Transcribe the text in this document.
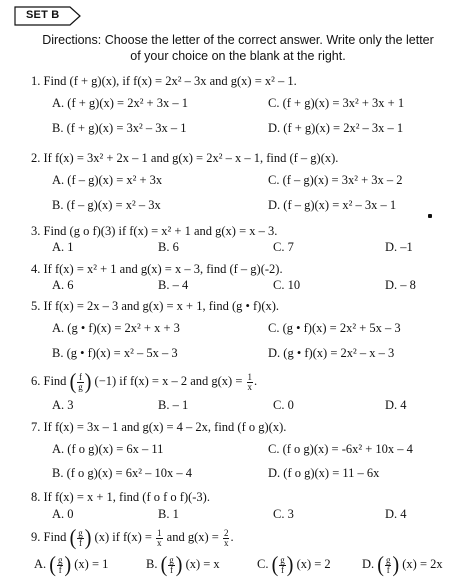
SET B
Directions: Choose the letter of the correct answer. Write only the letter
of your choice on the blank at the right.
1. Find (f + g)(x), if f(x) = 2x² – 3x and g(x) = x² – 1.
A. (f + g)(x) = 2x² + 3x – 1	C. (f + g)(x) = 3x² + 3x + 1
B. (f + g)(x) = 3x² – 3x – 1	D. (f + g)(x) = 2x² – 3x – 1
2. If f(x) = 3x² + 2x – 1 and g(x) = 2x² – x – 1, find (f – g)(x).
A. (f – g)(x) = x² + 3x	C. (f – g)(x) = 3x² + 3x – 2
B. (f – g)(x) = x² – 3x	D. (f – g)(x) = x² – 3x – 1
3. Find (g o f)(3) if f(x) = x² + 1 and g(x) = x – 3.
A. 1	B. 6	C. 7	D. –1
4. If f(x) = x² + 1 and g(x) = x – 3, find (f – g)(-2).
A. 6	B. – 4	C. 10	D. – 8
5. If f(x) = 2x – 3 and g(x) = x + 1, find (g • f)(x).
A. (g • f)(x) = 2x² + x + 3	C. (g • f)(x) = 2x² + 5x – 3
B. (g • f)(x) = x² – 5x – 3	D. (g • f)(x) = 2x² – x – 3
6. Find ( $\frac{f}{g}$ ) (−1) if f(x) = x – 2 and $g(x) = \frac{1}{x}$ .
A. 3	B. – 1	C. 0	D. 4
7. If f(x) = 3x – 1 and g(x) = 4 – 2x, find (f o g)(x).
A. (f o g)(x) = 6x – 11	C. (f o g)(x) = -6x² + 10x – 4
B. (f o g)(x) = 6x² – 10x – 4	D. (f o g)(x) = 11 – 6x
8. If f(x) = x + 1, find (f o f o f)(-3).
A. 0	B. 1	C. 3	D. 4
9. Find ( $\frac{g}{f}$ ) (x) if $f(x) = \frac{1}{x}$ and $g(x) = \frac{2}{x}$ .
A. ( $\frac{g}{f}$ ) (x) = 1	B. ( $\frac{g}{f}$ ) (x) = x	C. ( $\frac{g}{f}$ ) (x) = 2	D. ( $\frac{g}{f}$ ) (x) = 2x
